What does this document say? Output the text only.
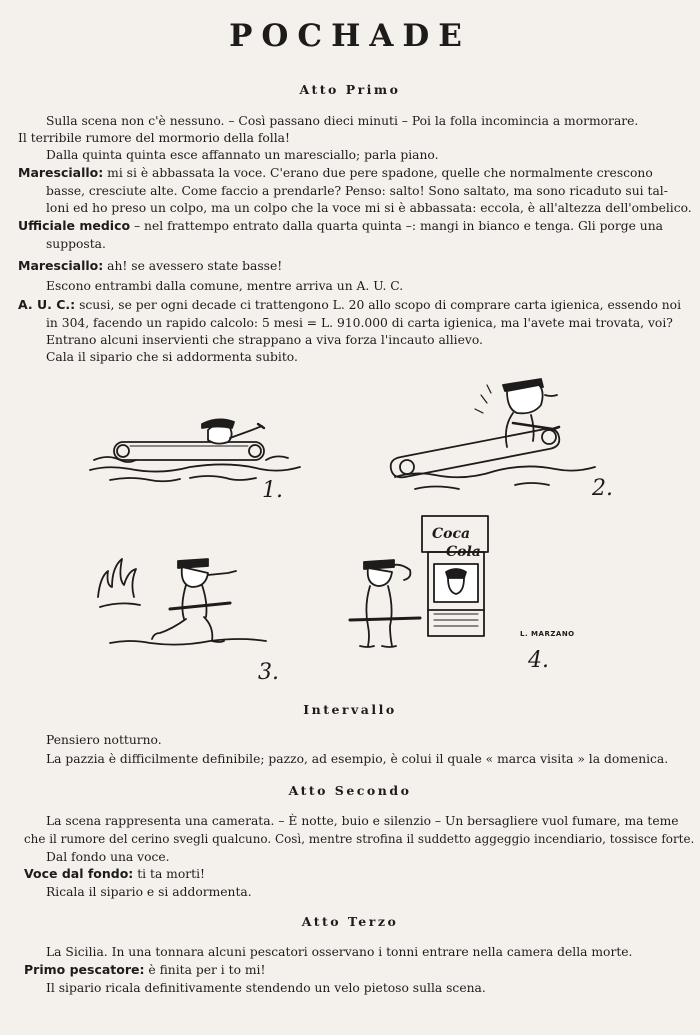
POCHADE
Atto Primo
Sulla scena non c'è nessuno. – Così passano dieci minuti – Poi la folla incomincia a mormorare.
Il terribile rumore del mormorio della folla!
Dalla quinta quinta esce affannato un maresciallo; parla piano.
Maresciallo: mi si è abbassata la voce. C'erano due pere spadone, quelle che normalmente crescono
basse, cresciute alte. Come faccio a prendarle? Penso: salto! Sono saltato, ma sono ricaduto sui tal-
loni ed ho preso un colpo, ma un colpo che la voce mi si è abbassata: eccola, è all'altezza dell'ombelico.
Ufficiale medico – nel frattempo entrato dalla quarta quinta –: mangi in bianco e tenga. Gli porge una
supposta.
Maresciallo: ah! se avessero state basse!
Escono entrambi dalla comune, mentre arriva un A. U. C.
A. U. C.: scusi, se per ogni decade ci trattengono L. 20 allo scopo di comprare carta igienica, essendo noi
in 304, facendo un rapido calcolo: 5 mesi = L. 910.000 di carta igienica, ma l'avete mai trovata, voi?
Entrano alcuni inservienti che strappano a viva forza l'incauto allievo.
Cala il sipario che si addormenta subito.
1.	2.
3.
Coca
Cola
L. MARZANO
4.
Intervallo
Pensiero notturno.
La pazzia è difficilmente definibile; pazzo, ad esempio, è colui il quale « marca visita » la domenica.
Atto Secondo
La scena rappresenta una camerata. – È notte, buio e silenzio – Un bersagliere vuol fumare, ma teme
che il rumore del cerino svegli qualcuno. Così, mentre strofina il suddetto aggeggio incendiario, tossisce forte.
Dal fondo una voce.
Voce dal fondo: ti ta morti!
Ricala il sipario e si addormenta.
Atto Terzo
La Sicilia. In una tonnara alcuni pescatori osservano i tonni entrare nella camera della morte.
Primo pescatore: è finita per i to mi!
Il sipario ricala definitivamente stendendo un velo pietoso sulla scena.
